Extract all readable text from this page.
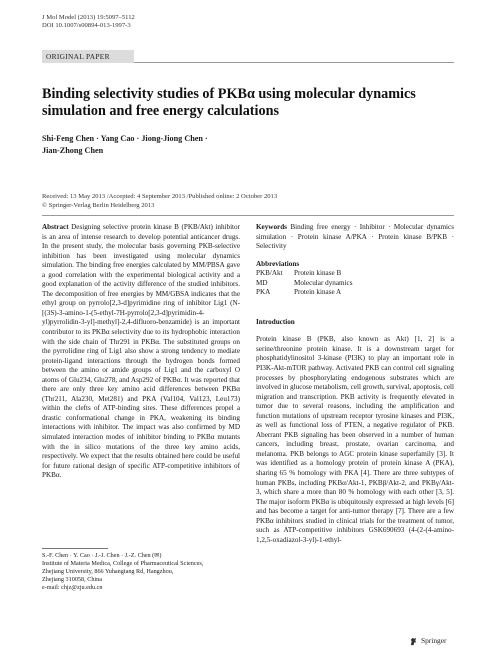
J Mol Model (2013) 19:5097–5112
DOI 10.1007/s00894-013-1997-3
ORIGINAL PAPER
Binding selectivity studies of PKBα using molecular dynamics simulation and free energy calculations
Shi-Feng Chen · Yang Cao · Jiong-Jiong Chen ·
Jian-Zhong Chen
Received: 13 May 2013 /Accepted: 4 September 2013 /Published online: 2 October 2013
© Springer-Verlag Berlin Heidelberg 2013
Abstract Designing selective protein kinase B (PKB/Akt) inhibitor is an area of intense research to develop potential anticancer drugs. In the present study, the molecular basis governing PKB-selective inhibition has been investigated using molecular dynamics simulation. The binding free energies calculated by MM/PBSA gave a good correlation with the experimental biological activity and a good explanation of the activity difference of the studied inhibitors. The decomposition of free energies by MM/GBSA indicates that the ethyl group on pyrrolo[2,3-d]pyrimidine ring of inhibitor Lig1 (N-[(3S)-3-amino-1-(5-ethyl-7H-pyrrolo[2,3-d]pyrimidin-4-yl)pyrrolidin-3-yl]-methyl]-2,4-difluoro-benzamide) is an important contributor to its PKBα selectivity due to its hydrophobic interaction with the side chain of Thr291 in PKBα. The substituted groups on the pyrrolidine ring of Lig1 also show a strong tendency to mediate protein-ligand interactions through the hydrogen bonds formed between the amino or amide groups of Lig1 and the carboxyl O atoms of Glu234, Glu278, and Asp292 of PKBα. It was reported that there are only three key amino acid differences between PKBα (Thr211, Ala230, Met281) and PKA (Val104, Val123, Leu173) within the clefts of ATP-binding sites. These differences propel a drastic conformational change in PKA, weakening its binding interactions with inhibitor. The impact was also confirmed by MD simulated interaction modes of inhibitor binding to PKBα mutants with the in silico mutations of the three key amino acids, respectively. We expect that the results obtained here could be useful for future rational design of specific ATP-competitive inhibitors of PKBα.
S.-F. Chen · Y. Cao · J.-J. Chen · J.-Z. Chen (✉)
Institute of Materia Medica, College of Pharmaceutical Sciences,
Zhejiang University, 866 Yuhangtang Rd, Hangzhou,
Zhejiang 310058, China
e-mail: chjz@zju.edu.cn
Keywords Binding free energy · Inhibitor · Molecular dynamics simulation · Protein kinase A/PKA · Protein kinase B/PKB · Selectivity
Abbreviations
PKB/Akt	Protein kinase B
MD	Molecular dynamics
PKA	Protein kinase A
Introduction
Protein kinase B (PKB, also known as Akt) [1, 2] is a serine/threonine protein kinase. It is a downstream target for phosphatidylinositol 3-kinase (PI3K) to play an important role in PI3K-Akt-mTOR pathway. Activated PKB can control cell signaling processes by phosphorylating endogenous substrates which are involved in glucose metabolism, cell growth, survival, apoptosis, cell migration and transcription. PKB activity is frequently elevated in tumor due to several reasons, including the amplification and function mutations of upstream receptor tyrosine kinases and PI3K, as well as functional loss of PTEN, a negative regulator of PKB. Aberrant PKB signaling has been observed in a number of human cancers, including breast, prostate, ovarian carcinoma, and melanoma. PKB belongs to AGC protein kinase superfamily [3]. It was identified as a homology protein of protein kinase A (PKA), sharing 65 % homology with PKA [4]. There are three subtypes of human PKBs, including PKBα/Akt-1, PKBβ/Akt-2, and PKBγ/Akt-3, which share a more than 80 % homology with each other [3, 5]. The major isoform PKBα is ubiquitously expressed at high levels [6] and has become a target for anti-tumor therapy [7]. There are a few PKBα inhibitors studied in clinical trials for the treatment of tumor, such as ATP-competitive inhibitors GSK690693 (4-(2-(4-amino-1,2,5-oxadiazol-3-yl)-1-ethyl-
Springer
